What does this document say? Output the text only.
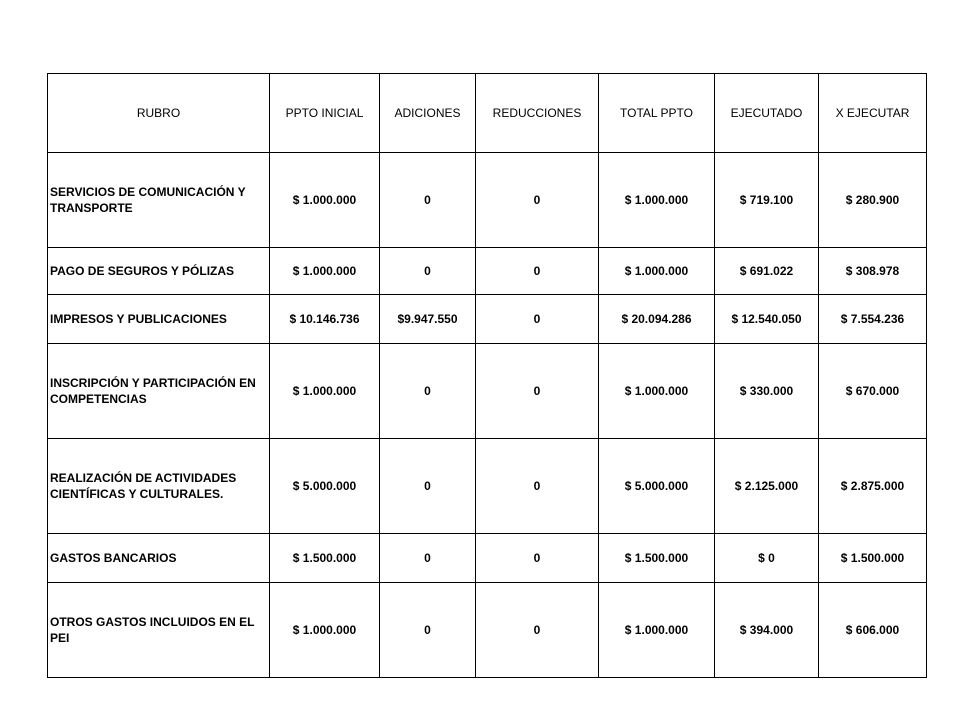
RUBRO	PPTO INICIAL	ADICIONES	REDUCCIONES	TOTAL PPTO	EJECUTADO	X EJECUTAR
SERVICIOS DE COMUNICACIÓN Y TRANSPORTE	$ 1.000.000	0	0	$ 1.000.000	$ 719.100	$ 280.900
PAGO DE SEGUROS Y PÓLIZAS	$ 1.000.000	0	0	$ 1.000.000	$ 691.022	$ 308.978
IMPRESOS Y PUBLICACIONES	$ 10.146.736	$9.947.550	0	$ 20.094.286	$ 12.540.050	$ 7.554.236
INSCRIPCIÓN Y PARTICIPACIÓN EN COMPETENCIAS	$ 1.000.000	0	0	$ 1.000.000	$ 330.000	$ 670.000
REALIZACIÓN DE ACTIVIDADES CIENTÍFICAS Y CULTURALES.	$ 5.000.000	0	0	$ 5.000.000	$ 2.125.000	$ 2.875.000
GASTOS BANCARIOS	$ 1.500.000	0	0	$ 1.500.000	$ 0	$ 1.500.000
OTROS GASTOS INCLUIDOS EN EL PEI	$ 1.000.000	0	0	$ 1.000.000	$ 394.000	$ 606.000
